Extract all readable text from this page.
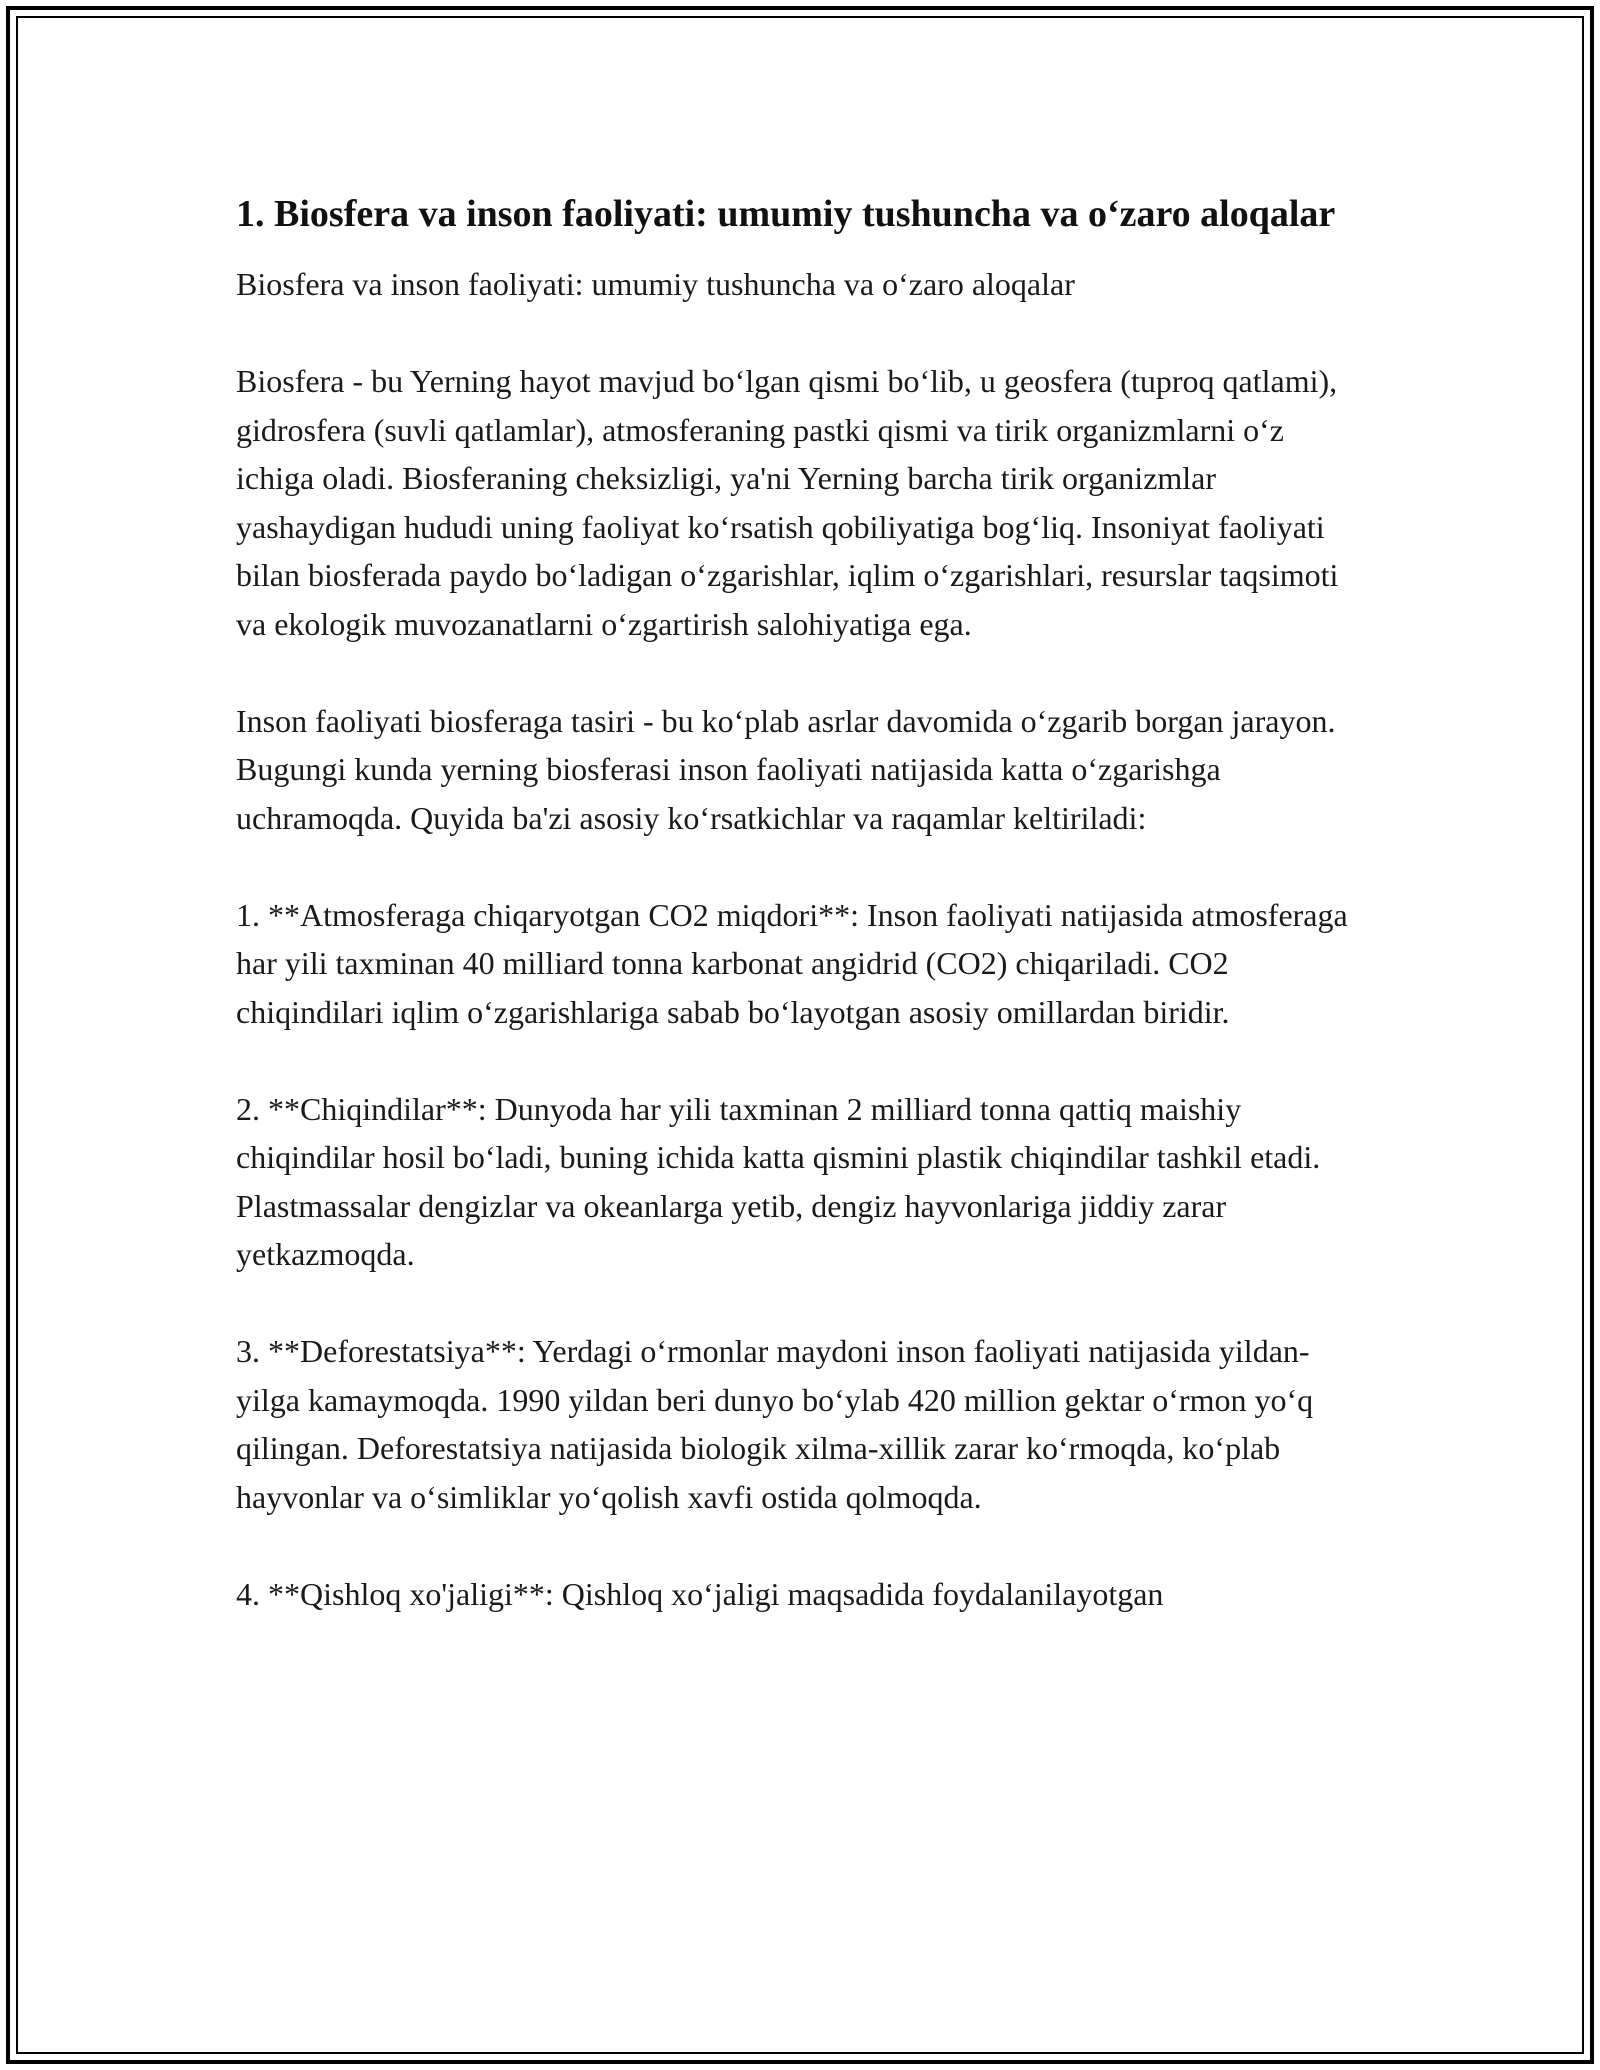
1. Biosfera va inson faoliyati: umumiy tushuncha va o‘zaro aloqalar

Biosfera va inson faoliyati: umumiy tushuncha va o‘zaro aloqalar

Biosfera - bu Yerning hayot mavjud bo‘lgan qismi bo‘lib, u geosfera (tuproq qatlami), gidrosfera (suvli qatlamlar), atmosferaning pastki qismi va tirik organizmlarni o‘z ichiga oladi. Biosferaning cheksizligi, ya'ni Yerning barcha tirik organizmlar yashaydigan hududi uning faoliyat ko‘rsatish qobiliyatiga bog‘liq. Insoniyat faoliyati bilan biosferada paydo bo‘ladigan o‘zgarishlar, iqlim o‘zgarishlari, resurslar taqsimoti va ekologik muvozanatlarni o‘zgartirish salohiyatiga ega.

Inson faoliyati biosferaga tasiri - bu ko‘plab asrlar davomida o‘zgarib borgan jarayon. Bugungi kunda yerning biosferasi inson faoliyati natijasida katta o‘zgarishga uchramoqda. Quyida ba'zi asosiy ko‘rsatkichlar va raqamlar keltiriladi:

1. **Atmosferaga chiqaryotgan CO2 miqdori**: Inson faoliyati natijasida atmosferaga har yili taxminan 40 milliard tonna karbonat angidrid (CO2) chiqariladi. CO2 chiqindilari iqlim o‘zgarishlariga sabab bo‘layotgan asosiy omillardan biridir.

2. **Chiqindilar**: Dunyoda har yili taxminan 2 milliard tonna qattiq maishiy chiqindilar hosil bo‘ladi, buning ichida katta qismini plastik chiqindilar tashkil etadi. Plastmassalar dengizlar va okeanlarga yetib, dengiz hayvonlariga jiddiy zarar yetkazmoqda.

3. **Deforestatsiya**: Yerdagi o‘rmonlar maydoni inson faoliyati natijasida yildan-yilga kamaymoqda. 1990 yildan beri dunyo bo‘ylab 420 million gektar o‘rmon yo‘q qilingan. Deforestatsiya natijasida biologik xilma-xillik zarar ko‘rmoqda, ko‘plab hayvonlar va o‘simliklar yo‘qolish xavfi ostida qolmoqda.

4. **Qishloq xo'jaligi**: Qishloq xo‘jaligi maqsadida foydalanilayotgan
